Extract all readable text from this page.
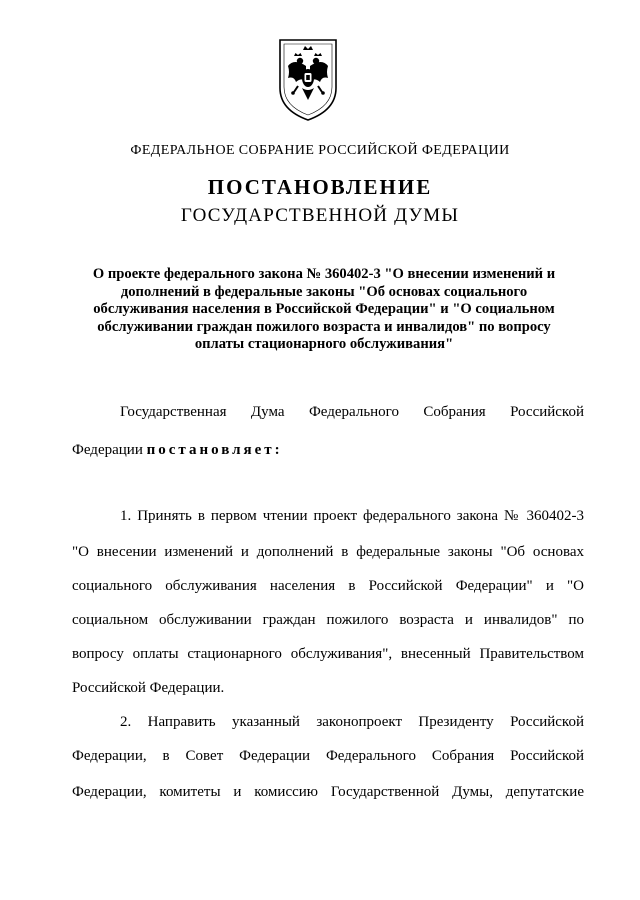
ФЕДЕРАЛЬНОЕ СОБРАНИЕ РОССИЙСКОЙ ФЕДЕРАЦИИ
ПОСТАНОВЛЕНИЕ
ГОСУДАРСТВЕННОЙ ДУМЫ
О проекте федерального закона № 360402-3 "О внесении изменений и
дополнений в федеральные законы "Об основах социального
обслуживания населения в Российской Федерации" и "О социальном
обслуживании граждан пожилого возраста и инвалидов" по вопросу
оплаты стационарного обслуживания"
Государственная Дума Федерального Собрания Российской
Федерации постановляет:
1. Принять в первом чтении проект федерального закона № 360402-3
"О внесении изменений и дополнений в федеральные законы "Об основах
социального обслуживания населения в Российской Федерации" и "О
социальном обслуживании граждан пожилого возраста и инвалидов" по
вопросу оплаты стационарного обслуживания", внесенный Правительством
Российской Федерации.
2. Направить указанный законопроект Президенту Российской
Федерации, в Совет Федерации Федерального Собрания Российской
Федерации, комитеты и комиссию Государственной Думы, депутатские
